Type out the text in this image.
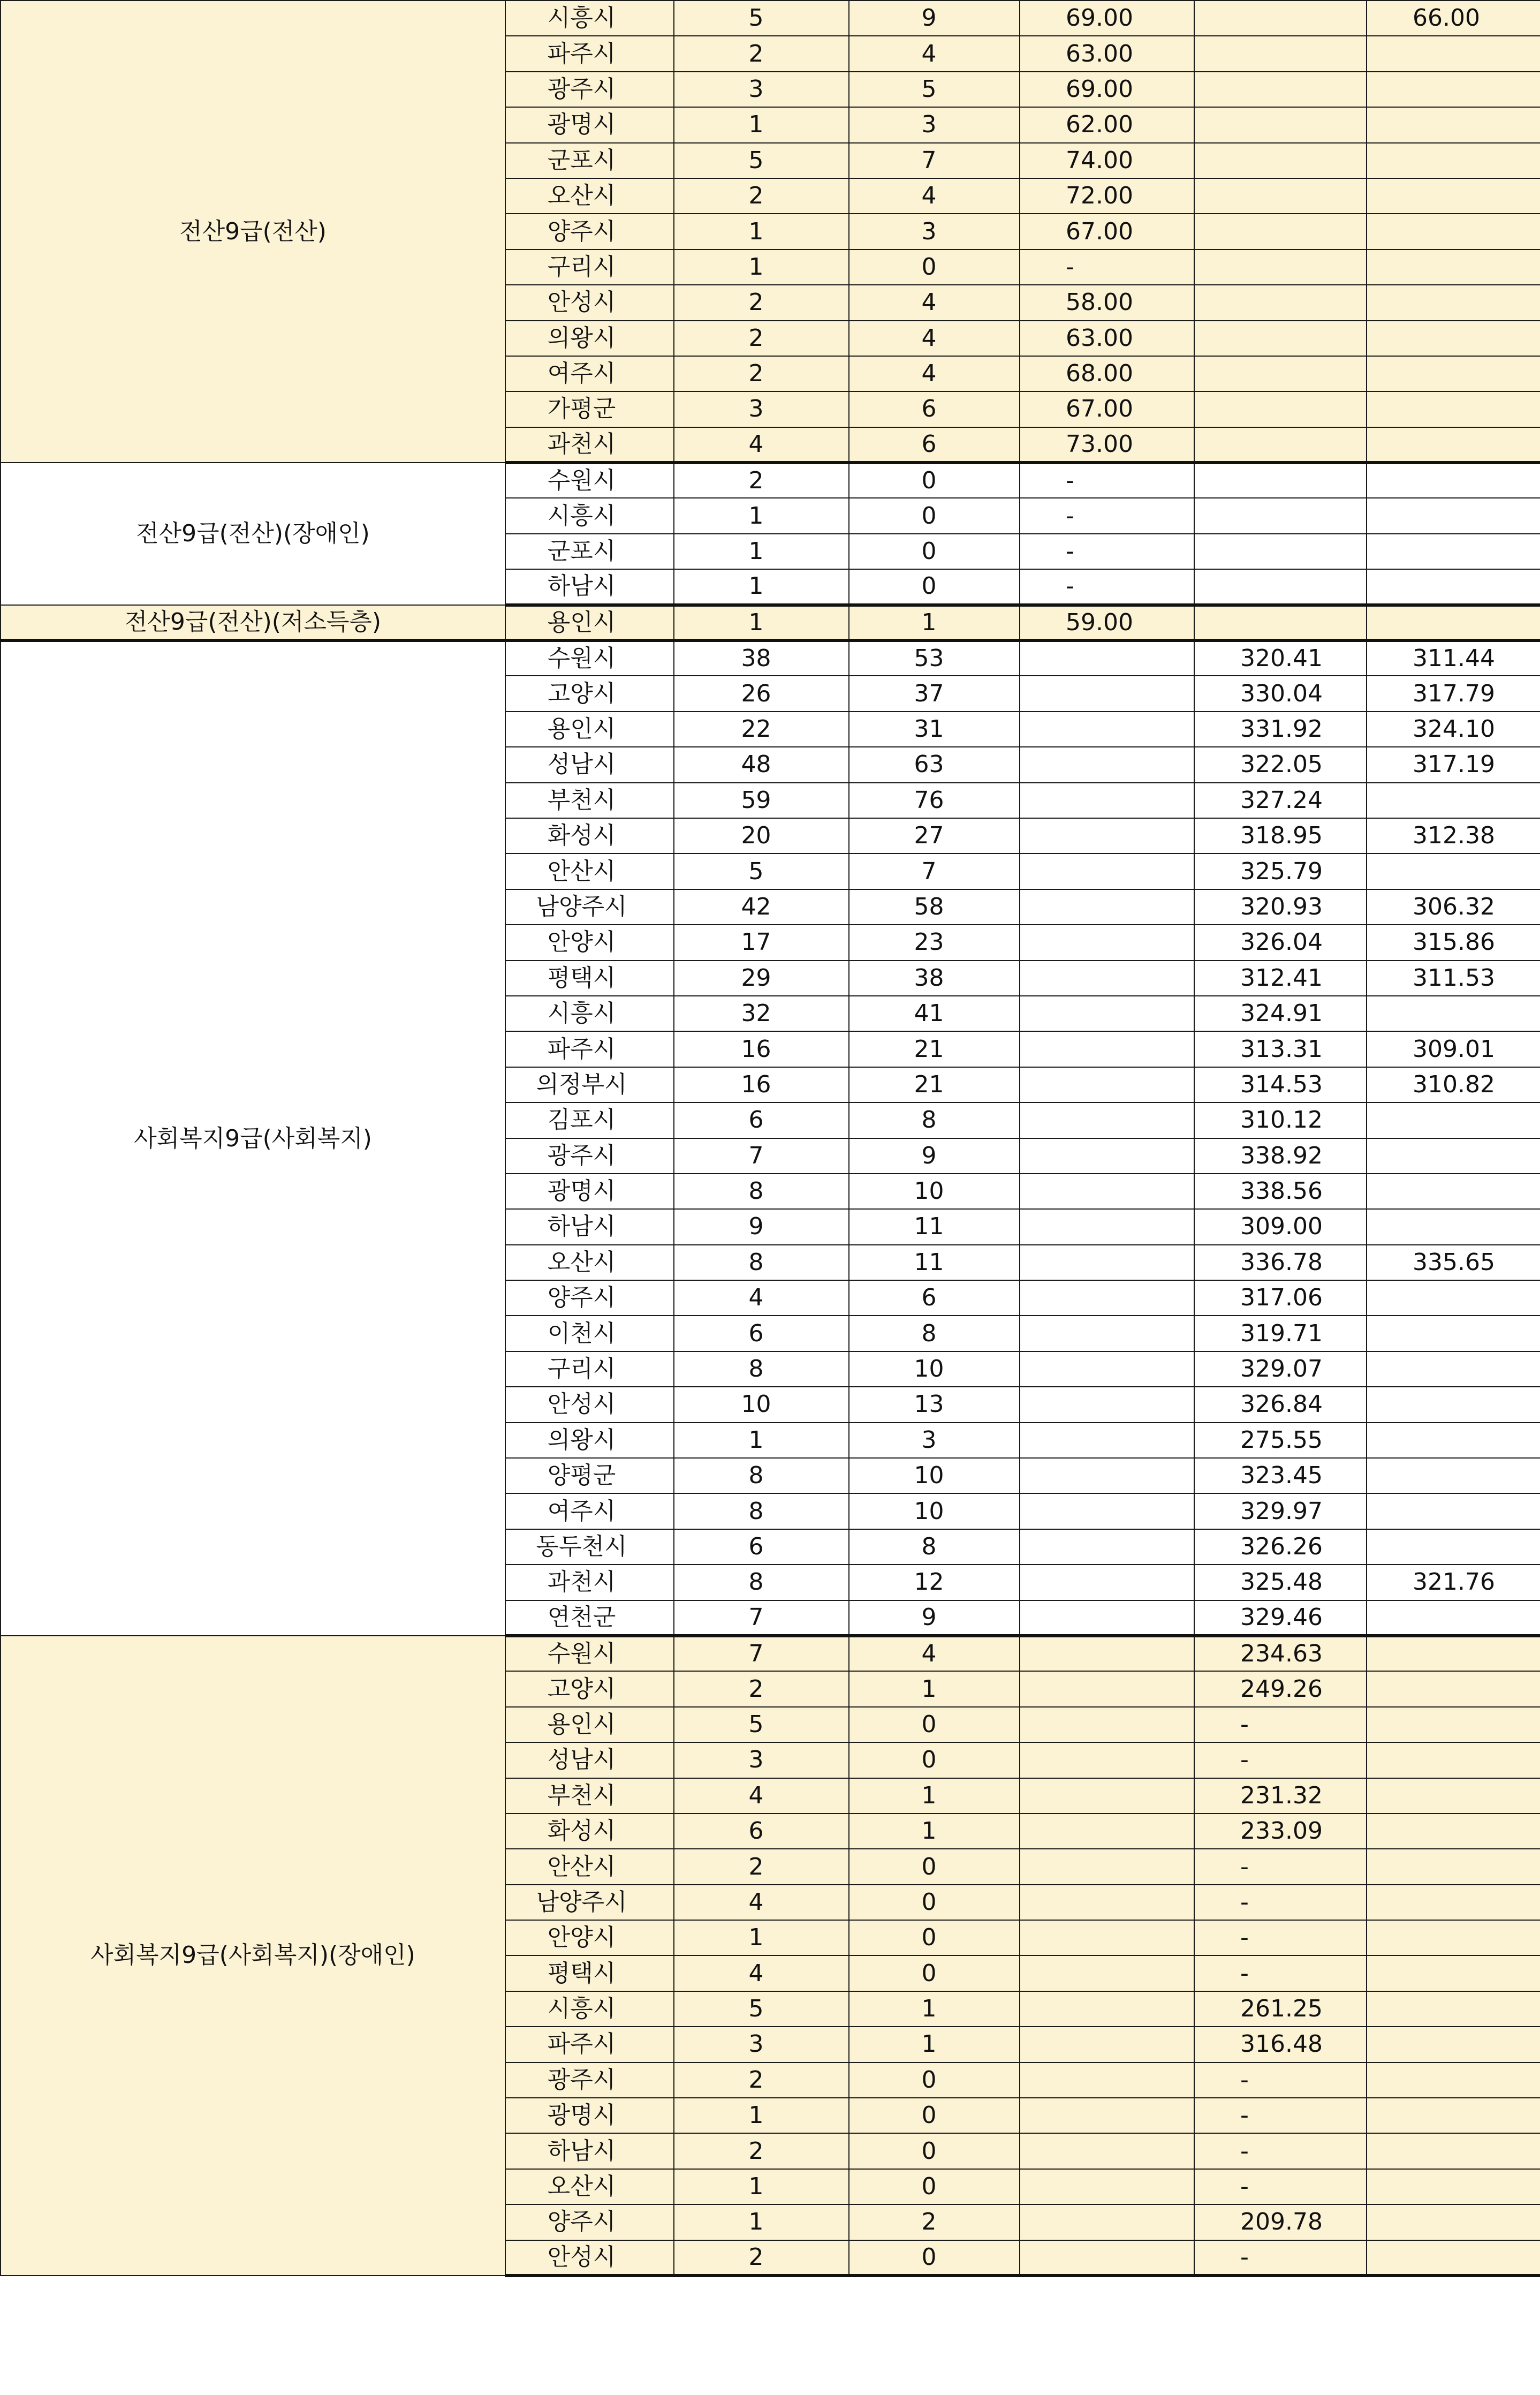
전산9급(전산)	시흥시	5	9	69.00		66.00
	파주시	2	4	63.00		
	광주시	3	5	69.00		
	광명시	1	3	62.00		
	군포시	5	7	74.00		
	오산시	2	4	72.00		
	양주시	1	3	67.00		
	구리시	1	0	-		
	안성시	2	4	58.00		
	의왕시	2	4	63.00		
	여주시	2	4	68.00		
	가평군	3	6	67.00		
	과천시	4	6	73.00		
전산9급(전산)(장애인)	수원시	2	0	-		
	시흥시	1	0	-		
	군포시	1	0	-		
	하남시	1	0	-		
전산9급(전산)(저소득층)	용인시	1	1	59.00		
사회복지9급(사회복지)	수원시	38	53		320.41	311.44
	고양시	26	37		330.04	317.79
	용인시	22	31		331.92	324.10
	성남시	48	63		322.05	317.19
	부천시	59	76		327.24	
	화성시	20	27		318.95	312.38
	안산시	5	7		325.79	
	남양주시	42	58		320.93	306.32
	안양시	17	23		326.04	315.86
	평택시	29	38		312.41	311.53
	시흥시	32	41		324.91	
	파주시	16	21		313.31	309.01
	의정부시	16	21		314.53	310.82
	김포시	6	8		310.12	
	광주시	7	9		338.92	
	광명시	8	10		338.56	
	하남시	9	11		309.00	
	오산시	8	11		336.78	335.65
	양주시	4	6		317.06	
	이천시	6	8		319.71	
	구리시	8	10		329.07	
	안성시	10	13		326.84	
	의왕시	1	3		275.55	
	양평군	8	10		323.45	
	여주시	8	10		329.97	
	동두천시	6	8		326.26	
	과천시	8	12		325.48	321.76
	연천군	7	9		329.46	
사회복지9급(사회복지)(장애인)	수원시	7	4		234.63	
	고양시	2	1		249.26	
	용인시	5	0		-	
	성남시	3	0		-	
	부천시	4	1		231.32	
	화성시	6	1		233.09	
	안산시	2	0		-	
	남양주시	4	0		-	
	안양시	1	0		-	
	평택시	4	0		-	
	시흥시	5	1		261.25	
	파주시	3	1		316.48	
	광주시	2	0		-	
	광명시	1	0		-	
	하남시	2	0		-	
	오산시	1	0		-	
	양주시	1	2		209.78	
	안성시	2	0		-	
